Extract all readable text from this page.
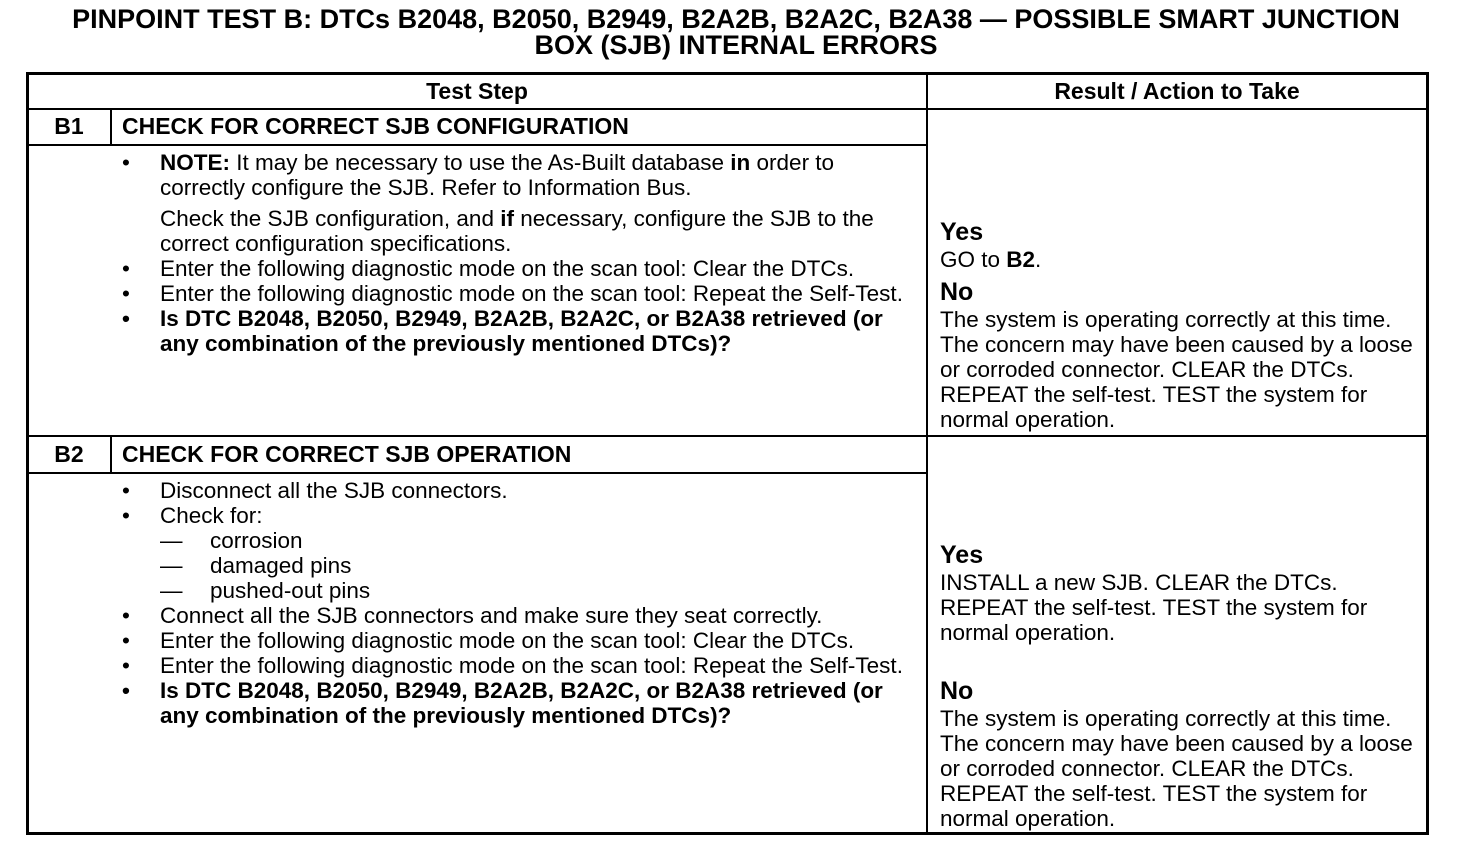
PINPOINT TEST B: DTCs B2048, B2050, B2949, B2A2B, B2A2C, B2A38 — POSSIBLE SMART JUNCTION
BOX (SJB) INTERNAL ERRORS
Test Step	Result / Action to Take
B1	CHECK FOR CORRECT SJB CONFIGURATION
• NOTE: It may be necessary to use the As-Built database in order to correctly configure the SJB. Refer to Information Bus.
Check the SJB configuration, and if necessary, configure the SJB to the correct configuration specifications.
• Enter the following diagnostic mode on the scan tool: Clear the DTCs.
• Enter the following diagnostic mode on the scan tool: Repeat the Self-Test.
• Is DTC B2048, B2050, B2949, B2A2B, B2A2C, or B2A38 retrieved (or any combination of the previously mentioned DTCs)?
Yes
GO to B2.
No
The system is operating correctly at this time. The concern may have been caused by a loose or corroded connector. CLEAR the DTCs. REPEAT the self-test. TEST the system for normal operation.
B2	CHECK FOR CORRECT SJB OPERATION
• Disconnect all the SJB connectors.
• Check for:
— corrosion
— damaged pins
— pushed-out pins
• Connect all the SJB connectors and make sure they seat correctly.
• Enter the following diagnostic mode on the scan tool: Clear the DTCs.
• Enter the following diagnostic mode on the scan tool: Repeat the Self-Test.
• Is DTC B2048, B2050, B2949, B2A2B, B2A2C, or B2A38 retrieved (or any combination of the previously mentioned DTCs)?
Yes
INSTALL a new SJB. CLEAR the DTCs. REPEAT the self-test. TEST the system for normal operation.
No
The system is operating correctly at this time. The concern may have been caused by a loose or corroded connector. CLEAR the DTCs. REPEAT the self-test. TEST the system for normal operation.
